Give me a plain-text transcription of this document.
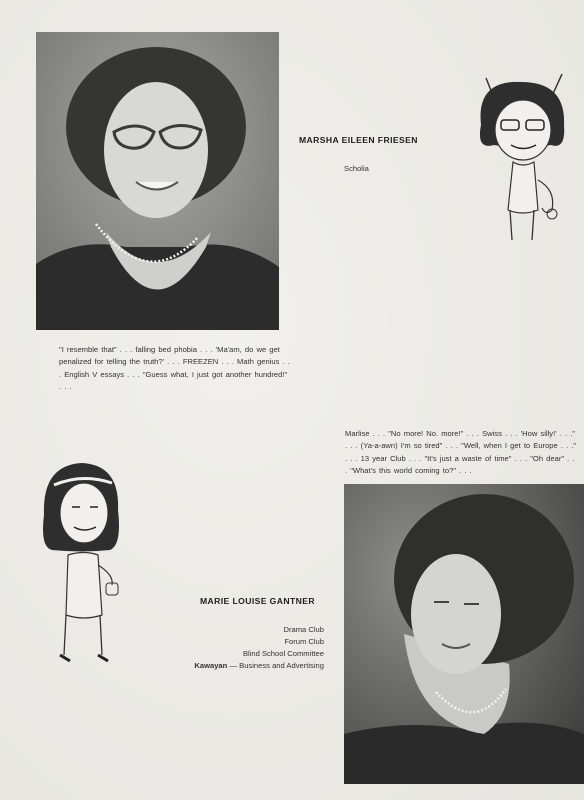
MARSHA EILEEN FRIESEN
Scholia
"I resemble that" . . . falling bed phobia . . . 'Ma'am, do we get penalized for telling the truth?' . . . FREEZEN . . . Math genius . . . English V essays . . . "Guess what, I just got another hundred!" . . .
Marlise . . . "No more! No. more!" . . . Swiss . . . 'How silly!' . . ." . . . (Ya-a-awn) I'm so tired" . . . "Well, when I get to Europe . . ." . . . 13 year Club . . . "It's just a waste of time" . . . "Oh dear" . . . "What's this world coming to?" . . .
MARIE LOUISE GANTNER
Drama Club
Forum Club
Blind School Committee
Kawayan — Business and Advertising
